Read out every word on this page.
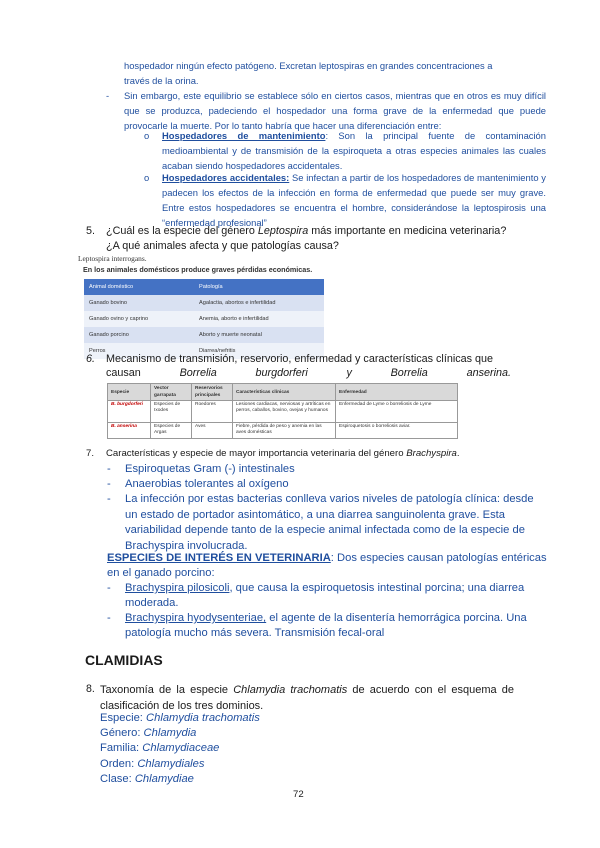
hospedador ningún efecto patógeno. Excretan leptospiras en grandes concentraciones a
través de la orina.
-	Sin embargo, este equilibrio se establece sólo en ciertos casos, mientras que en otros es muy difícil que se produzca, padeciendo el hospedador una forma grave de la enfermedad que puede provocarle la muerte. Por lo tanto habría que hacer una diferenciación entre:
o	Hospedadores de mantenimiento: Son la principal fuente de contaminación medioambiental y de transmisión de la espiroqueta a otras especies animales las cuales acaban siendo hospedadores accidentales.
o	Hospedadores accidentales: Se infectan a partir de los hospedadores de mantenimiento y padecen los efectos de la infección en forma de enfermedad que puede ser muy grave. Entre estos hospedadores se encuentra el hombre, considerándose la leptospirosis una “enfermedad profesional”
5. ¿Cuál es la especie del género Leptospira más importante en medicina veterinaria?
¿A qué animales afecta y que patologías causa?
Leptospira interrogans.
En los animales domésticos produce graves pérdidas económicas.
Animal doméstico	Patología
Ganado bovino	Agalactia, abortos e infertilidad
Ganado ovino y caprino	Anemia, aborto e infertilidad
Ganado porcino	Aborto y muerte neonatal
Perros	Diarrea/nefritis
6. Mecanismo de transmisión, reservorio, enfermedad y características clínicas que
causan	Borrelia	burgdorferi	y	Borrelia	anserina.
Especie	Vector garrapata	Reservorios principales	Características clínicas	Enfermedad
B. burgdorferi	Especies de Ixodes	Roedores	Lesiones cardiacas, nerviosas y artríticas en perros, caballos, bovino, ovejas y humanos	Enfermedad de Lyme o borreliosis de Lyme
B. anserina	Especies de Argas	Aves	Fiebre, pérdida de peso y anemia en las aves domésticas	Espiroquetosis o borreliosis aviar.
7. Características y especie de mayor importancia veterinaria del género Brachyspira.
-	Espiroquetas Gram (-) intestinales
-	Anaerobias tolerantes al oxígeno
-	La infección por estas bacterias conlleva varios niveles de patología clínica: desde un estado de portador asintomático, a una diarrea sanguinolenta grave. Esta variabilidad depende tanto de la especie animal infectada como de la especie de Brachyspira involucrada.
ESPECIES DE INTERÉS EN VETERINARIA: Dos especies causan patologías entéricas en el ganado porcino:
-	Brachyspira pilosicoli, que causa la espiroquetosis intestinal porcina; una diarrea moderada.
-	Brachyspira hyodysenteriae, el agente de la disentería hemorrágica porcina. Una patología mucho más severa. Transmisión fecal-oral
CLAMIDIAS
8. Taxonomía de la especie Chlamydia trachomatis de acuerdo con el esquema de clasificación de los tres dominios.
Especie: Chlamydia trachomatis
Género: Chlamydia
Familia: Chlamydiaceae
Orden: Chlamydiales
Clase: Chlamydiae
72
